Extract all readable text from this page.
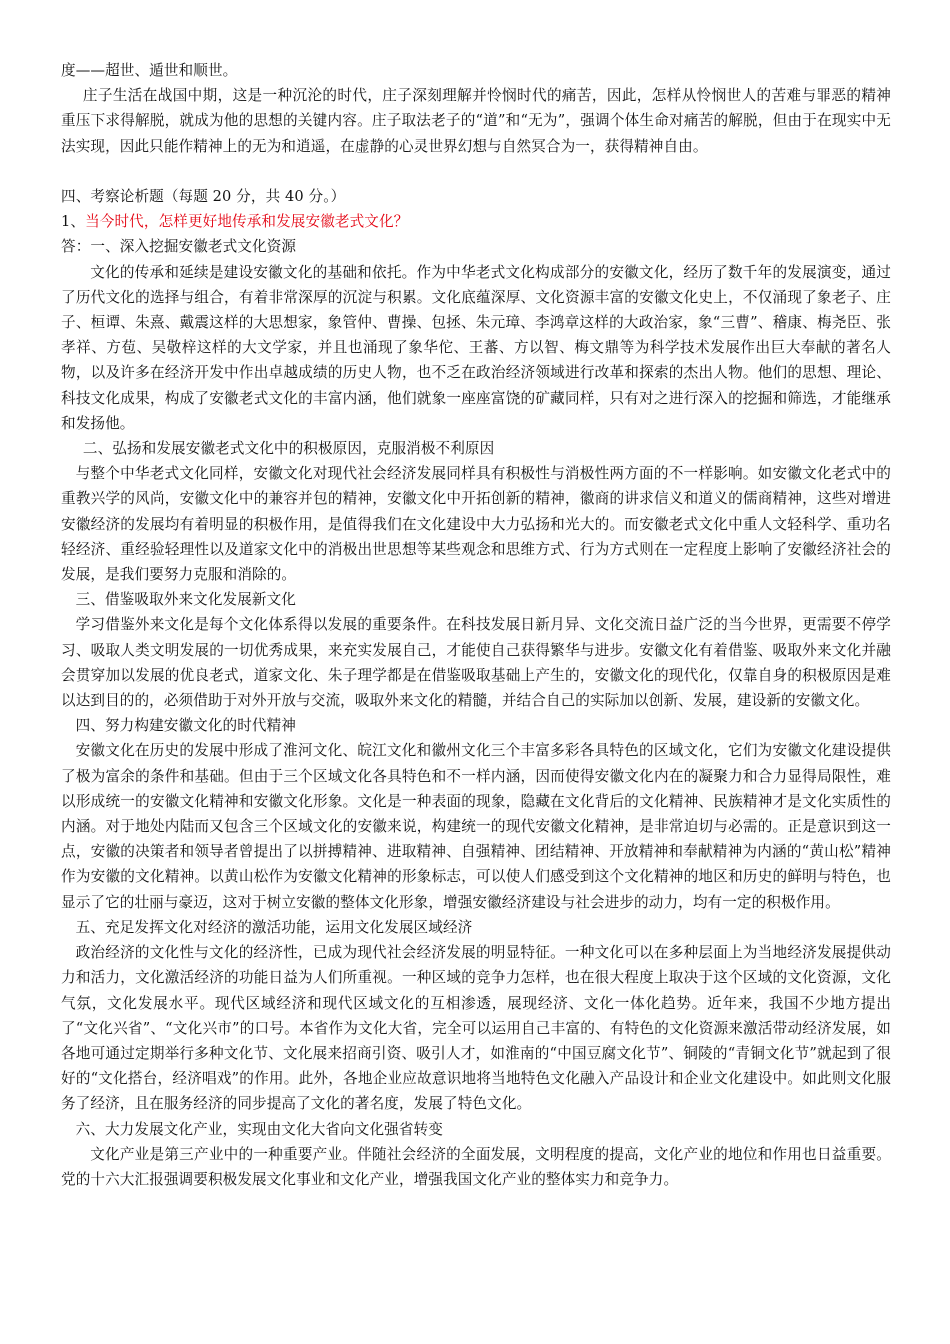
度——超世、遁世和顺世。

庄子生活在战国中期，这是一种沉沦的时代，庄子深刻理解并怜悯时代的痛苦，因此，怎样从怜悯世人的苦难与罪恶的精神重压下求得解脱，就成为他的思想的关键内容。庄子取法老子的“道”和“无为”，强调个体生命对痛苦的解脱，但由于在现实中无法实现，因此只能作精神上的无为和逍遥，在虚静的心灵世界幻想与自然冥合为一，获得精神自由。

四、考察论析题（每题 20 分，共 40 分。）

1、当今时代，怎样更好地传承和发展安徽老式文化？

答：一、深入挖掘安徽老式文化资源

文化的传承和延续是建设安徽文化的基础和依托。作为中华老式文化构成部分的安徽文化，经历了数千年的发展演变，通过了历代文化的选择与组合，有着非常深厚的沉淀与积累。文化底蕴深厚、文化资源丰富的安徽文化史上，不仅涌现了象老子、庄子、桓谭、朱熹、戴震这样的大思想家，象管仲、曹操、包拯、朱元璋、李鸿章这样的大政治家，象“三曹”、稽康、梅尧臣、张孝祥、方苞、吴敬梓这样的大文学家，并且也涌现了象华佗、王蕃、方以智、梅文鼎等为科学技术发展作出巨大奉献的著名人物，以及许多在经济开发中作出卓越成绩的历史人物，也不乏在政治经济领域进行改革和探索的杰出人物。他们的思想、理论、科技文化成果，构成了安徽老式文化的丰富内涵，他们就象一座座富饶的矿藏同样，只有对之进行深入的挖掘和筛选，才能继承和发扬他。

二、弘扬和发展安徽老式文化中的积极原因，克服消极不利原因

与整个中华老式文化同样，安徽文化对现代社会经济发展同样具有积极性与消极性两方面的不一样影响。如安徽文化老式中的重教兴学的风尚，安徽文化中的兼容并包的精神，安徽文化中开拓创新的精神，徽商的讲求信义和道义的儒商精神，这些对增进安徽经济的发展均有着明显的积极作用，是值得我们在文化建设中大力弘扬和光大的。而安徽老式文化中重人文轻科学、重功名轻经济、重经验轻理性以及道家文化中的消极出世思想等某些观念和思维方式、行为方式则在一定程度上影响了安徽经济社会的发展，是我们要努力克服和消除的。

三、借鉴吸取外来文化发展新文化

学习借鉴外来文化是每个文化体系得以发展的重要条件。在科技发展日新月异、文化交流日益广泛的当今世界，更需要不停学习、吸取人类文明发展的一切优秀成果，来充实发展自己，才能使自己获得繁华与进步。安徽文化有着借鉴、吸取外来文化并融会贯穿加以发展的优良老式，道家文化、朱子理学都是在借鉴吸取基础上产生的，安徽文化的现代化，仅靠自身的积极原因是难以达到目的的，必须借助于对外开放与交流，吸取外来文化的精髓，并结合自己的实际加以创新、发展，建设新的安徽文化。

四、努力构建安徽文化的时代精神

安徽文化在历史的发展中形成了淮河文化、皖江文化和徽州文化三个丰富多彩各具特色的区域文化，它们为安徽文化建设提供了极为富余的条件和基础。但由于三个区域文化各具特色和不一样内涵，因而使得安徽文化内在的凝聚力和合力显得局限性，难以形成统一的安徽文化精神和安徽文化形象。文化是一种表面的现象，隐藏在文化背后的文化精神、民族精神才是文化实质性的内涵。对于地处内陆而又包含三个区域文化的安徽来说，构建统一的现代安徽文化精神，是非常迫切与必需的。正是意识到这一点，安徽的决策者和领导者曾提出了以拼搏精神、进取精神、自强精神、团结精神、开放精神和奉献精神为内涵的“黄山松”精神作为安徽的文化精神。以黄山松作为安徽文化精神的形象标志，可以使人们感受到这个文化精神的地区和历史的鲜明与特色，也显示了它的壮丽与豪迈，这对于树立安徽的整体文化形象，增强安徽经济建设与社会进步的动力，均有一定的积极作用。

五、充足发挥文化对经济的激活功能，运用文化发展区域经济

政治经济的文化性与文化的经济性，已成为现代社会经济发展的明显特征。一种文化可以在多种层面上为当地经济发展提供动力和活力，文化激活经济的功能日益为人们所重视。一种区域的竞争力怎样，也在很大程度上取决于这个区域的文化资源，文化气氛，文化发展水平。现代区域经济和现代区域文化的互相渗透，展现经济、文化一体化趋势。近年来，我国不少地方提出了“文化兴省”、“文化兴市”的口号。本省作为文化大省，完全可以运用自己丰富的、有特色的文化资源来激活带动经济发展，如各地可通过定期举行多种文化节、文化展来招商引资、吸引人才，如淮南的“中国豆腐文化节”、铜陵的“青铜文化节”就起到了很好的“文化搭台，经济唱戏”的作用。此外，各地企业应故意识地将当地特色文化融入产品设计和企业文化建设中。如此则文化服务了经济，且在服务经济的同步提高了文化的著名度，发展了特色文化。

六、大力发展文化产业，实现由文化大省向文化强省转变

文化产业是第三产业中的一种重要产业。伴随社会经济的全面发展，文明程度的提高，文化产业的地位和作用也日益重要。党的十六大汇报强调要积极发展文化事业和文化产业，增强我国文化产业的整体实力和竞争力。
